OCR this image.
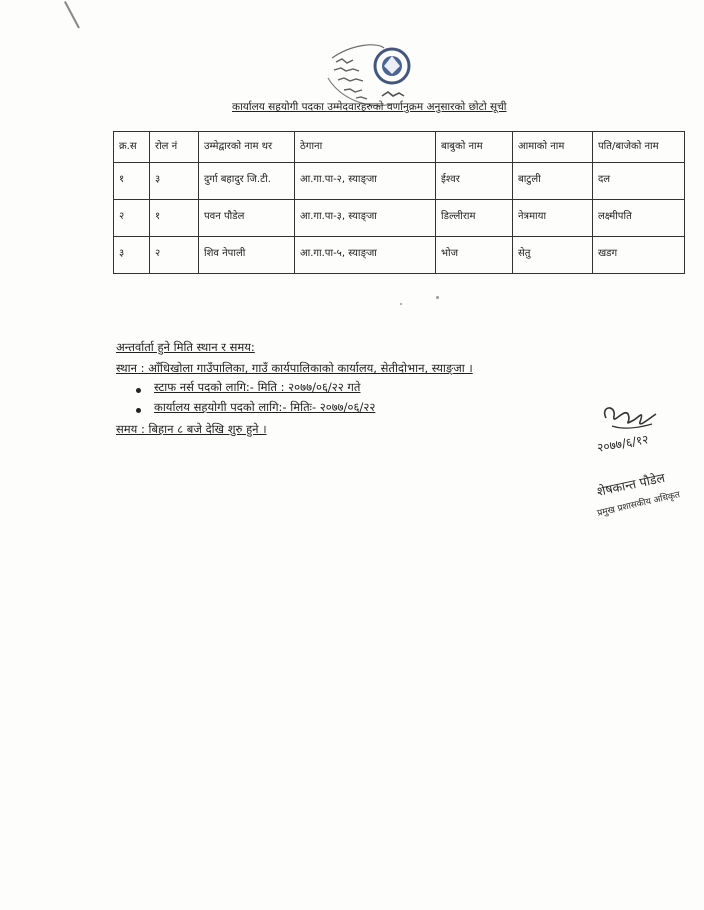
कार्यालय सहयोगी पदका उम्मेदवारहरुको वर्णानुक्रम अनुसारको छोटो सूची
क्र.स	रोल नं	उम्मेद्वारको नाम थर	ठेगाना	बाबुको नाम	आमाको नाम	पति/बाजेको नाम
१	३	दुर्गा बहादुर जि.टी.	आ.गा.पा-२, स्याङ्जा	ईश्वर	बाटुली	दल
२	१	पवन पौडेल	आ.गा.पा-३, स्याङ्जा	डिल्लीराम	नेत्रमाया	लक्ष्मीपति
३	२	शिव नेपाली	आ.गा.पा-५, स्याङ्जा	भोज	सेतु	खडग
अन्तर्वार्ता हुने मिति स्थान र समय:
स्थान : आँधिखोला गाउँपालिका, गाउँ कार्यपालिकाको कार्यालय, सेतीदोभान, स्याङ्जा ।
स्टाफ नर्स पदको लागि:- मिति : २०७७/०६/२२ गते
कार्यालय सहयोगी पदको लागि:- मितिः- २०७७/०६/२२
समय : बिहान ८ बजे देखि शुरु हुने ।
२०७७/६/१२
शेषकान्त पौडेल
प्रमुख प्रशासकीय अधिकृत
